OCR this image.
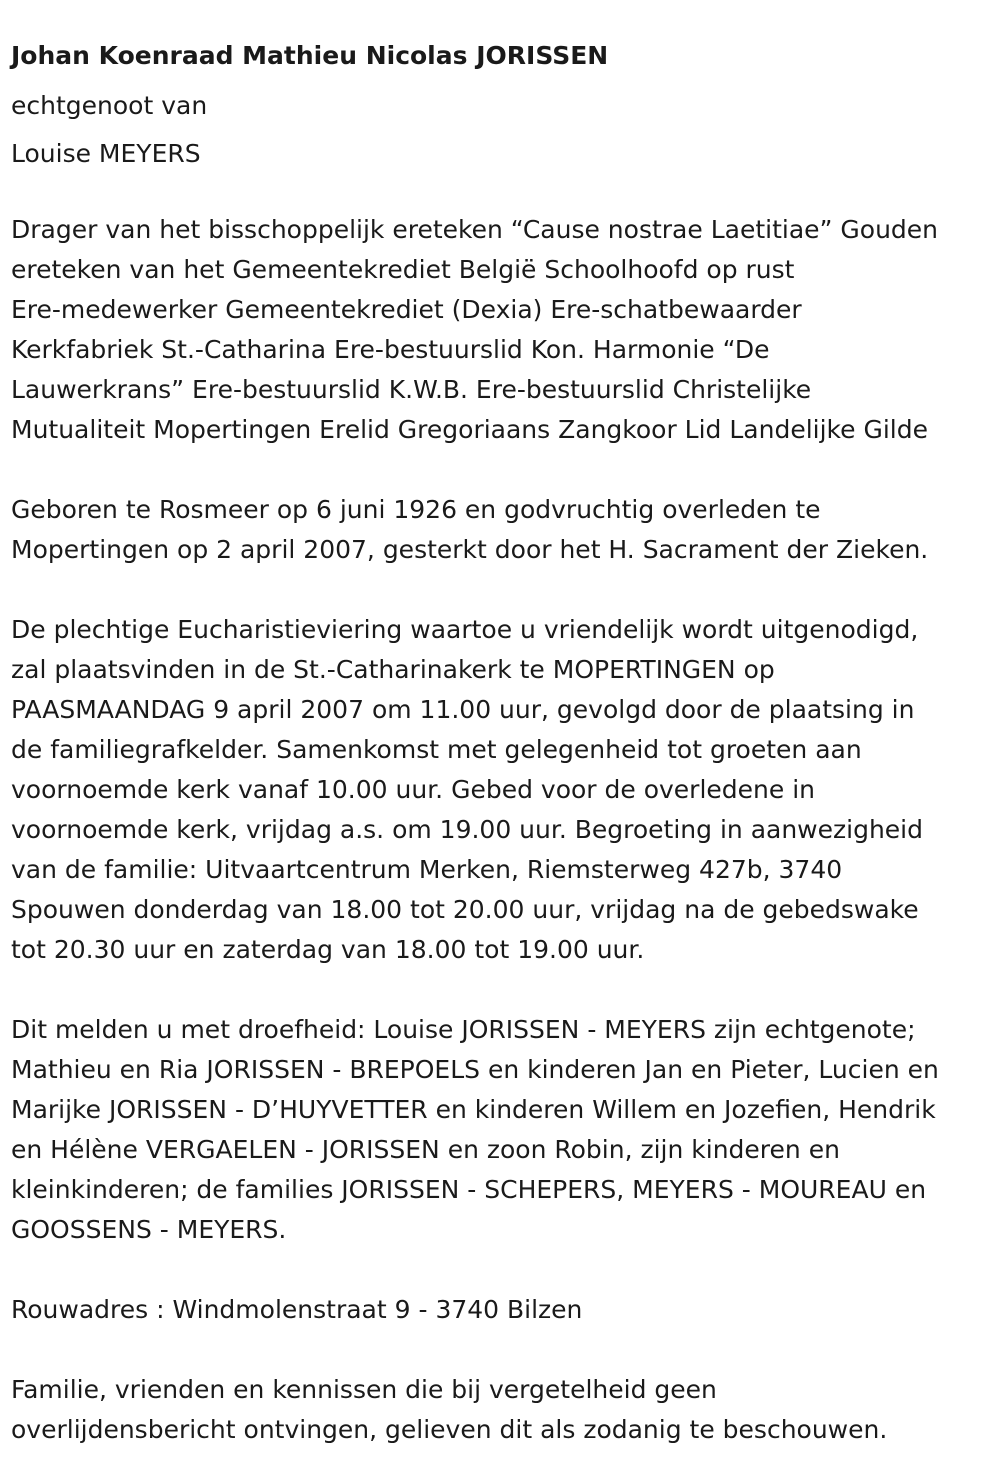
Johan Koenraad Mathieu Nicolas JORISSEN

echtgenoot van

Louise MEYERS

Drager van het bisschoppelijk ereteken “Cause nostrae Laetitiae” Gouden
ereteken van het Gemeentekrediet België Schoolhoofd op rust
Ere-medewerker Gemeentekrediet (Dexia) Ere-schatbewaarder
Kerkfabriek St.-Catharina Ere-bestuurslid Kon. Harmonie “De
Lauwerkrans” Ere-bestuurslid K.W.B. Ere-bestuurslid Christelijke
Mutualiteit Mopertingen Erelid Gregoriaans Zangkoor Lid Landelijke Gilde

Geboren te Rosmeer op 6 juni 1926 en godvruchtig overleden te
Mopertingen op 2 april 2007, gesterkt door het H. Sacrament der Zieken.

De plechtige Eucharistieviering waartoe u vriendelijk wordt uitgenodigd,
zal plaatsvinden in de St.-Catharinakerk te MOPERTINGEN op
PAASMAANDAG 9 april 2007 om 11.00 uur, gevolgd door de plaatsing in
de familiegrafkelder. Samenkomst met gelegenheid tot groeten aan
voornoemde kerk vanaf 10.00 uur. Gebed voor de overledene in
voornoemde kerk, vrijdag a.s. om 19.00 uur. Begroeting in aanwezigheid
van de familie: Uitvaartcentrum Merken, Riemsterweg 427b, 3740
Spouwen donderdag van 18.00 tot 20.00 uur, vrijdag na de gebedswake
tot 20.30 uur en zaterdag van 18.00 tot 19.00 uur.

Dit melden u met droefheid: Louise JORISSEN - MEYERS zijn echtgenote;
Mathieu en Ria JORISSEN - BREPOELS en kinderen Jan en Pieter, Lucien en
Marijke JORISSEN - D’HUYVETTER en kinderen Willem en Jozefien, Hendrik
en Hélène VERGAELEN - JORISSEN en zoon Robin, zijn kinderen en
kleinkinderen; de families JORISSEN - SCHEPERS, MEYERS - MOUREAU en
GOOSSENS - MEYERS.

Rouwadres : Windmolenstraat 9 - 3740 Bilzen

Familie, vrienden en kennissen die bij vergetelheid geen
overlijdensbericht ontvingen, gelieven dit als zodanig te beschouwen.
